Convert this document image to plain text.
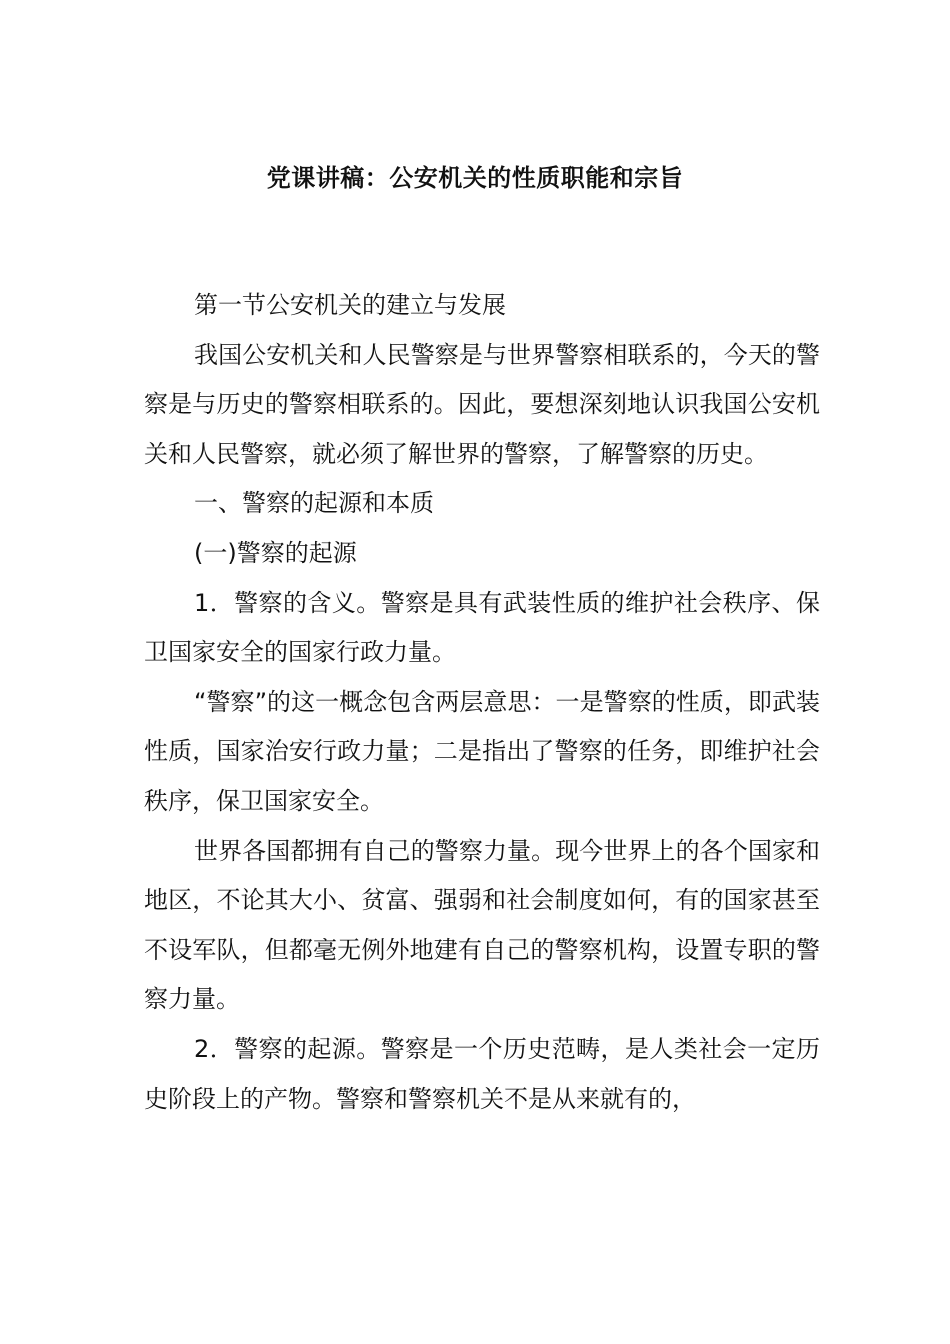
党课讲稿：公安机关的性质职能和宗旨

第一节公安机关的建立与发展

我国公安机关和人民警察是与世界警察相联系的，今天的警察是与历史的警察相联系的。因此，要想深刻地认识我国公安机关和人民警察，就必须了解世界的警察，了解警察的历史。

一、警察的起源和本质

(一)警察的起源

1．警察的含义。警察是具有武装性质的维护社会秩序、保卫国家安全的国家行政力量。

“警察”的这一概念包含两层意思：一是警察的性质，即武装性质，国家治安行政力量；二是指出了警察的任务，即维护社会秩序，保卫国家安全。

世界各国都拥有自己的警察力量。现今世界上的各个国家和地区，不论其大小、贫富、强弱和社会制度如何，有的国家甚至不设军队，但都毫无例外地建有自己的警察机构，设置专职的警察力量。

2．警察的起源。警察是一个历史范畴，是人类社会一定历史阶段上的产物。警察和警察机关不是从来就有的，
